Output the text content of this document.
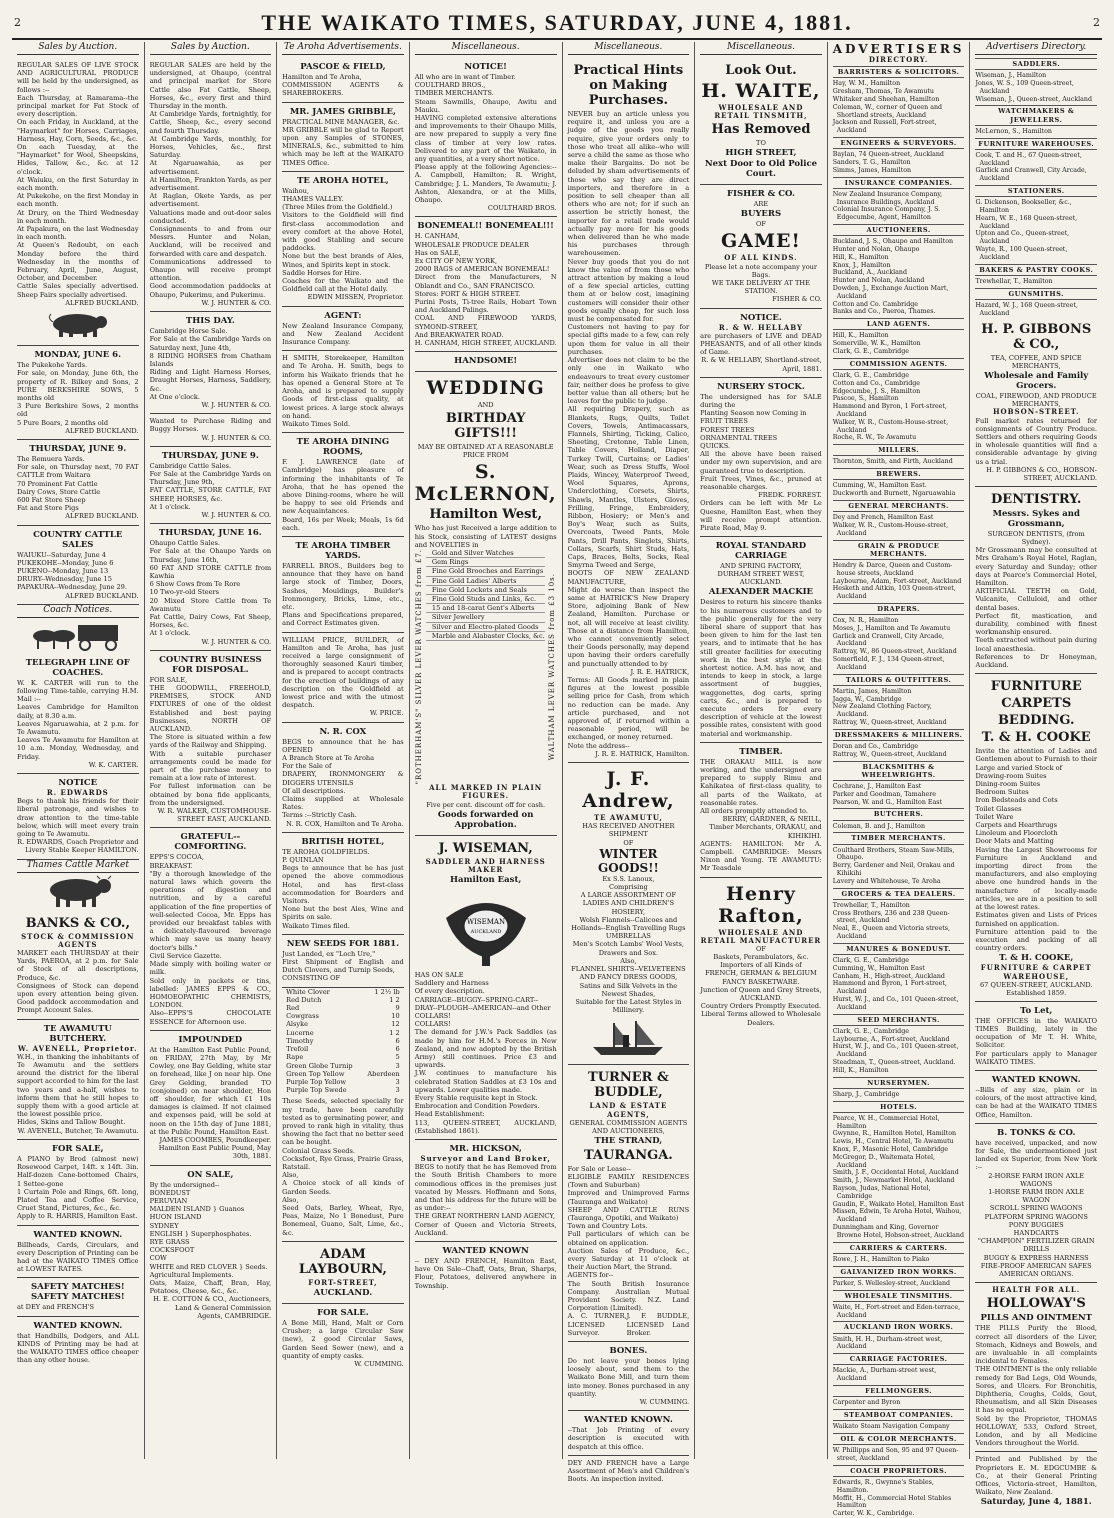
2	THE WAIKATO TIMES, SATURDAY, JUNE 4, 1881.	2
Sales by Auction.
REGULAR SALES OF LIVE STOCK AND AGRICULTURAL PRODUCE will be held by the undersigned, as follows :--
Each Thursday, at Ramarama--the principal market for Fat Stock of every description.
On each Friday, in Auckland, at the "Haymarket" for Horses, Carriages, Harness, Hay, Corn, Seeds, &c., &c.
On each Tuesday, at the "Haymarket" for Wool, Sheepskins, Hides, Tallow, &c., &c. at 12 o'clock.
At Waiuku, on the first Saturday in each month.
At Pukekohe, on the first Monday in each month.
At Drury, on the Third Wednesday in each month.
At Papakura, on the last Wednesday in each month.
At Queen's Redoubt, on each Monday before the third Wednesday in the months of February, April, June, August, October, and December.
Cattle Sales specially advertised. Sheep Fairs specially advertised.
ALFRED BUCKLAND.
MONDAY, JUNE 6.
The Pukekohe Yards.
For sale, on Monday, June 6th, the property of R. Bilkey and Sons, 2 PURE BERKSHIRE SOWS, 5 months old
3 Pure Berkshire Sows, 2 months old
5 Pure Boars, 2 months old
ALFRED BUCKLAND.
THURSDAY, JUNE 9.
The Remuera Yards.
For sale, on Thursday next, 70 FAT CATTLE from Waitara
70 Prominent Fat Cattle
Dairy Cows, Store Cattle
600 Fat Store Sheep
Fat and Store Pigs
ALFRED BUCKLAND.
COUNTRY CATTLE SALES
WAIUKU--Saturday, June 4
PUKEKOHE--Monday, June 6
PUKENO--Monday, June 13
DRURY--Wednesday, June 15
PAPAKURA--Wednesday, June 29.
ALFRED BUCKLAND.
Coach Notices.
TELEGRAPH LINE OF COACHES.
W. K. CARTER will run to the following Time-table, carrying H.M. Mail :--
Leaves Cambridge for Hamilton daily, at 8.30 a.m.
Leaves Ngaruawahia, at 2 p.m. for Te Awamutu.
Leaves Te Awamutu for Hamilton at 10 a.m. Monday, Wednesday, and Friday.
W. K. CARTER.
NOTICE
R. EDWARDS
Begs to thank his friends for their liberal patronage, and wishes to draw attention to the time-table below, which will meet every train going to Te Awamutu.
R. EDWARDS, Coach Proprietor and Livery Stable Keeper HAMILTON.
Thames Cattle Market
BANKS & CO.,
STOCK & COMMISSION AGENTS
MARKET each THURSDAY at their Yards, PAEROA, at 2 p.m. for Sale of Stock of all descriptions, Produce, &c.
Consignees of Stock can depend upon every attention being given. Good paddock accommodation and Prompt Account Sales.
TE AWAMUTU BUTCHERY.
W. AVENELL, Proprietor.
W.H., in thanking the inhabitants of Te Awamutu and the settlers around the district for the liberal support accorded to him for the last two years and a-half, wishes to inform them that he still hopes to supply them with a good article at the lowest possible price.
Hides, Skins and Tallow Bought.
W. AVENELL, Butcher, Te Awamutu.
FOR SALE,
A PIANO by Brod (almost new) Rosewood Carpet, 14ft. x 14ft. 3in. Half-dozen Cane-bottomed Chairs, 1 Settee-gone
1 Curtain Pole and Rings, 6ft. long, Plated Tea and Coffee Service, Cruet Stand, Pictures, &c., &c.
Apply to R. HARRIS, Hamilton East.
WANTED KNOWN.
Billheads, Cards, Circulars, and every Description of Printing can be had at the WAIKATO TIMES Office at LOWEST RATES.
SAFETY MATCHES! SAFETY MATCHES!
at DEY and FRENCH'S
WANTED KNOWN.
that Handbills, Dodgers, and ALL KINDS of Printing may be had at the WAIKATO TIMES office cheaper than any other house.
Sales by Auction.
REGULAR SALES are held by the undersigned, at Ohaupo, (central and principal market for Store Cattle also Fat Cattle, Sheep, Horses, &c., every first and third Thursday in the month.
At Cambridge Yards, fortnightly, for Cattle, Sheep, &c., every second and fourth Thursday.
At Cambridge Yards, monthly, for Horses, Vehicles, &c., first Saturday.
At Ngaruawahia, as per advertisement.
At Hamilton, Frankton Yards, as per advertisement.
At Raglan, Okete Yards, as per advertisement.
Valuations made and out-door sales conducted.
Consignments to and from our Messrs. Hunter and Nolan, Auckland, will be received and forwarded with care and despatch.
Communications addressed to Ohaupo will receive prompt attention.
Good accommodation paddocks at Ohaupo, Pukerimu, and Pukerimu.
W. J. HUNTER & CO.
THIS DAY.
Cambridge Horse Sale.
For Sale at the Cambridge Yards on Saturday next, June 4th,
8 RIDING HORSES from Chatham Islands
Riding and Light Harness Horses, Draught Horses, Harness, Saddlery, &c.
At One o'clock.
W. J. HUNTER & CO.
Wanted to Purchase Riding and Buggy Horses.
W. J. HUNTER & CO.
THURSDAY, JUNE 9.
Cambridge Cattle Sales.
For Sale at the Cambridge Yards on Thursday, June 9th,
FAT CATTLE, STORE CATTLE, FAT SHEEP, HORSES, &c.
At 1 o'clock.
W. J. HUNTER & CO.
THURSDAY, JUNE 16.
Ohaupo Cattle Sales.
For Sale at the Ohaupo Yards on Thursday, June 16th,
60 FAT AND STORE CATTLE from Kawhia
6 Show Cows from Te Rore
10 Two-yr-old Steers
20 Mixed Store Cattle from Te Awamutu
Fat Cattle, Dairy Cows, Fat Sheep, Horses, &c.
At 1 o'clock.
W. J. HUNTER & CO.
COUNTRY BUSINESS FOR DISPOSAL.
FOR SALE,
THE GOODWILL, FREEHOLD, PREMISES, STOCK AND FIXTURES of one of the oldest Established and best paying Businesses, NORTH OF AUCKLAND.
The Store is situated within a few yards of the Railway and Shipping.
With a suitable purchaser arrangements could be made for part of the purchase money to remain at a low rate of interest.
For fullest information can be obtained by bona fide applicants, from the undersigned.
W. R. WALKER, CUSTOMHOUSE-STREET EAST, AUCKLAND.
GRATEFUL--COMFORTING.
EPPS'S COCOA,
BREAKFAST.
"By a thorough knowledge of the natural laws which govern the operations of digestion and nutrition, and by a careful application of the fine properties of well-selected Cocoa, Mr. Epps has provided our breakfast tables with a delicately-flavoured beverage which may save us many heavy doctor's bills."
Civil Service Gazette.
Made simply with boiling water or milk.
Sold only in packets or tins, labelled: JAMES EPPS & CO., HOMOEOPATHIC CHEMISTS, LONDON.
Also--EPPS'S CHOCOLATE ESSENCE for Afternoon use.
IMPOUNDED
At the Hamilton East Public Pound, on FRIDAY, 27th May, by Mr Cowley, one Bay Gelding, white star on forehead, like J on near hip. One Grey Gelding, branded TO (conjoined) on near shoulder, Hon off shoulder, for which £1 10s damages is claimed. If not claimed and expenses paid, will be sold at noon on the 15th day of June 1881, at the Public Pound, Hamilton East.
JAMES COOMBES, Poundkeeper. Hamilton East Public Pound, May 30th, 1881.
ON SALE,
By the undersigned--
BONEDUST
PERUVIAN
MALDEN ISLAND } Guanos
HUON ISLAND
SYDNEY
ENGLISH } Superphosphates.
RYE GRASS
COCKSFOOT
COW
WHITE and RED CLOVER } Seeds.
Agricultural Implements.
Oats, Maize, Chaff, Bran, Hay, Potatoes, Cheese, &c., &c.
H. E. COTTON & CO., Auctioneers, Land & General Commission Agents, CAMBRIDGE.
Te Aroha Advertisements.
PASCOE & FIELD,
Hamilton and Te Aroha,
COMMISSION AGENTS & SHAREBROKERS.
MR. JAMES GRIBBLE,
PRACTICAL MINE MANAGER, &c.
MR GRIBBLE will be glad to Report upon any Samples of STONES, MINERALS, &c., submitted to him which may be left at the WAIKATO TIMES Office.
TE AROHA HOTEL,
Waihou,
THAMES VALLEY.
(Three Miles from the Goldfield.)
Visitors to the Goldfield will find first-class accommodation and every comfort at the above Hotel, with good Stabling and secure paddocks.
None but the best brands of Ales, Wines, and Spirits kept in stock.
Saddle Horses for Hire.
Coaches for the Waikato and the Goldfield call at the Hotel daily.
EDWIN MISSEN, Proprietor.
AGENT:
New Zealand Insurance Company, and New Zealand Accident Insurance Company.
H SMITH, Storekeeper, Hamilton and Te Aroha. H. Smith, begs to inform his Waikato friends that he has opened a General Store at Te Aroha, and is prepared to supply Goods of first-class quality, at lowest prices. A large stock always on hand.
Waikato Times Sold.
TE AROHA DINING ROOMS,
F. J. LAWRENCE (late of Cambridge) has pleasure of informing the inhabitants of Te Aroha, that he has opened the above Dining-rooms, where he will be happy to see old Friends and new Acquaintances.
Board, 16s per Week; Meals, 1s 6d each.
TE AROHA TIMBER YARDS.
FARRELL BROS., Builders beg to announce that they have on hand large stock of Timber, Doors, Sashes, Mouldings, Builder's Ironmongery, Bricks, Lime, etc., etc.
Plans and Specifications prepared, and Correct Estimates given.
WILLIAM PRICE, BUILDER, of Hamilton and Te Aroha, has just received a large consignment of thoroughly seasoned Kauri timber, and is prepared to accept contracts for the erection of buildings of any description on the Goldfield at lowest price and with the utmost despatch.
W. PRICE.
N. R. COX
BEGS to announce that he has OPENED
A Branch Store at Te Aroha
For the Sale of
DRAPERY, IRONMONGERY & DIGGERS UTENSILS
Of all descriptions.
Claims supplied at Wholesale Rates.
Terms :--Strictly Cash.
N. R. COX, Hamilton and Te Aroha.
BRITISH HOTEL,
TE AROHA GOLDFIELDS.
P. QUINLAN
Begs to announce that he has just opened the above commodious Hotel, and has first-class accommodation for Boarders and Visitors.
None but the best Ales, Wine and Spirits on sale.
Waikato Times filed.
NEW SEEDS FOR 1881.
Just Landed, ex "Loch Ure,"
First Shipment of English and Dutch Clovers, and Turnip Seeds,
CONSISTING OF
White Clover	1 2½ lb
Red Dutch	1 2
Red	9
Cowgrass	10
Alsyke	12
Lucerne	1 2
Timothy	6
Trefoil	6
Rape	5
Green Globe Turnip	3
Green Top Yellow	Aberdeen
Purple Top Yellow	3
Purple Top Swede	3
These Seeds, selected specially for my trade, have been carefully tested as to germinating power, and proved to rank high in vitality, thus showing the fact that no better seed can be bought.
Colonial Grass Seeds.
Cocksfoot, Rye Grass, Prairie Grass, Ratstail.
Also,
A Choice stock of all kinds of Garden Seeds.
Also,
Seed Oats, Barley, Wheat, Rye, Peas, Maize, No 1 Bonedust, Pure Bonemeal, Guano, Salt, Lime, &c., &c.
ADAM LAYBOURN,
FORT-STREET,
AUCKLAND.
FOR SALE.
A Bone Mill, Hand, Malt or Corn Crusher; a large Circular Saw (new), 2 good Circular Saws, Garden Seed Sower (new), and a quantity of empty casks.
W. CUMMING.
Miscellaneous.
NOTICE!
All who are in want of Timber.
COULTHARD BROS.,
TIMBER MERCHANTS.
Steam Sawmills, Ohaupo, Awitu and Mauku.
HAVING completed extensive alterations and improvements to their Ohaupo Mills, are now prepared to supply a very fine class of timber at very low rates. Delivered to any part of the Waikato, in any quantities, at a very short notice.
Please apply at the following Agencies:--A. Campbell, Hamilton; R. Wright, Cambridge; J. L. Manders, Te Awamutu; J. Ashton, Alexandra, or at the Mills, Ohaupo.
COULTHARD BROS.
BONEMEAL!! BONEMEAL!!!
H. CANHAM,
WHOLESALE PRODUCE DEALER
Has on SALE,
Ex CITY OF NEW YORK,
2000 BAGS of AMERICAN BONEMEAL!
Direct from the Manufacturers, N Oblandt and Co., SAN FRANCISCO.
Stores: FORT & HIGH STREET.
Purini Posts, Ti-tree Rails, Hobart Town and Auckland Palings.
COAL AND FIREWOOD YARDS, SYMOND-STREET,
And BREAKWATER ROAD.
H. CANHAM, HIGH STREET, AUCKLAND.
HANDSOME!
WEDDING
AND
BIRTHDAY GIFTS!!!
MAY BE OBTAINED AT A REASONABLE PRICE FROM
S. McLERNON,
Hamilton West,
Who has just Received a large addition to his Stock, consisting of LATEST designs and NOVELTIES in
"ROTHERHAM'S" SILVER LEVER WATCHES from £7.	Gold and Silver Watches
Gem Rings
Fine Gold Brooches and Earrings
Fine Gold Ladies' Alberts
Fine Gold Lockets and Seals
Fine Gold Studs and Links, &c.
15 and 18-carat Gent's Alberts
Silver Jewellery
Silver and Electro-plated Goods
Marble and Alabaster Clocks, &c. WALTHAM LEVER WATCHES from £3 10s.
ALL MARKED IN PLAIN FIGURES.
Five per cent. discount off for cash.
Goods forwarded on Approbation.
J. WISEMAN,
SADDLER AND HARNESS MAKER
Hamilton East,
WISEMAN
AUCKLAND
HAS ON SALE
Saddlery and Harness
Of every description.
CARRIAGE--BUGGY--SPRING-CART--DRAY--PLOUGH--AMERICAN--and Other
COLLARS!
COLLARS!
The demand for J.W.'s Pack Saddles (as made by him for H.M.'s Forces in New Zealand, and now adopted by the British Army) still continues. Price £3 and upwards.
J.W. continues to manufacture his celebrated Station Saddles at £3 10s and upwards. Lower qualities made.
Every Stable requisite kept in Stock.
Embrocation and Condition Powders.
Head Establishment:
113, QUEEN-STREET, AUCKLAND, (Established 1861).
MR. HICKSON,
Surveyor and Land Broker,
BEGS to notify that he has Removed from the South British Chambers to more commodious offices in the premises just vacated by Messrs. Hoffmann and Sons, and that his address for the future will be as under:--
THE GREAT NORTHERN LAND AGENCY,
Corner of Queen and Victoria Streets, Auckland.
WANTED KNOWN
-- DEY AND FRENCH, Hamilton East, have On Sale--Chaff, Oats, Bran, Sharps, Flour, Potatoes, delivered anywhere in Township.
Miscellaneous.
Practical Hints on Making Purchases.
NEVER buy an article unless you require it, and unless you are a judge of the goods you really require, give your orders only to those who treat all alike--who will serve a child the same as those who make their Bargains. Do not be deluded by sham advertisements of those who say they are direct importers, and therefore in a position to sell cheaper than all others who are not; for if such an assertion be strictly honest, the importer for a retail trade would actually pay more for his goods when delivered than he who made his purchases through warehousemen.
Never buy goods that you do not know the value of from those who attract attention by making a loud of a few special articles, cutting them at or below cost, imagining customers will consider their other goods equally cheap, for such loss must be compensated for.
Customers not having to pay for special gifts made to a few, can rely upon them for value in all their purchases.
Advertiser does not claim to be the only one in Waikato who endeavours to treat every customer fair, neither does he profess to give better value than all others; but he leaves for the public to judge.
All requiring Drapery, such as Blankets, Rugs, Quilts, Toilet Covers, Towels, Antimacassars, Flannels, Shirting, Ticking, Calico, Sheeting, Cretonne, Table Linen, Table Covers, Holland, Diaper, Turkey Twill, Curtains; or Ladies' Wear, such as Dress Stuffs, Wool Plaids, Wincey, Waterproof Tweed, Wool Squares, Aprons, Underclothing, Corsets, Shirts, Shawls, Mantles, Ulsters, Gloves, Frilling, Fringe, Embroidery, Ribbon, Hosiery; or Men's and Boy's Wear, such as Suits, Overcoats, Tweed Pants, Mole Pants, Drill Pants, Singlets, Shirts, Collars, Scarfs, Shirt Studs, Hats, Caps, Braces, Belts, Socks, Real Smyrna Tweed and Serge,
BOOTS OF NEW ZEALAND MANUFACTURE,
Might do worse than inspect the same at HATRICK'S New Drapery Store, adjoining Bank of New Zealand, Hamilton. Purchase or not, all will receive at least civility. Those at a distance from Hamilton, who cannot conveniently select their Goods personally, may depend upon having their orders carefully and punctually attended to by
J. R. E. HATRICK,
Terms: All Goods marked in plain figures at the lowest possible selling price for Cash, from which no reduction can be made. Any article purchased, and not approved of, if returned within a reasonable period, will be exchanged, or money returned.
Note the address--
J. R. E. HATRICK, Hamilton.
J. F. Andrew,
TE AWAMUTU,
HAS RECEIVED ANOTHER
SHIPMENT
OF
WINTER GOODS!!
Ex S.S. Lanoux,
Comprising
A LARGE ASSORTMENT OF LADIES AND CHILDREN'S HOSIERY,
Wolsh Flannels--Calicoes and Hollands--English Travelling Rugs
UMBRELLAS
Men's Scotch Lambs' Wool Vests, Drawers and Sox.
Also,
FLANNEL SHIRTS--VELVETEENS AND FANCY DRESS GOODS,
Satins and Silk Velvets in the Newest Shades,
Suitable for the Latest Styles in Millinery.
TURNER & BUDDLE,
LAND & ESTATE AGENTS,
GENERAL COMMISSION AGENTS AND AUCTIONEERS,
THE STRAND,
TAURANGA.
For Sale or Lease--
ELIGIBLE FAMILY RESIDENCES (Town and Suburban)
Improved and Unimproved Farms (Tauranga and Waikato)
SHEEP AND CATTLE RUNS (Tauranga, Opotiki, and Waikato)
Town and Country Lots.
Full particulars of which can be obtained on application.
Auction Sales of Produce, &c., every Saturday at 11 o'clock at their Auction Mart, the Strand.
AGENTS for--
The South British Insurance Company. Australian Mutual Provident Society. N.Z. Land Corporation (Limited).
A. C. TURNER, LICENSED Surveyor.
J. F. BUDDLE, LICENSED Land Broker.
BONES.
Do not leave your bones lying loosely about, send them to the Waikato Bone Mill, and turn them into money. Bones purchased in any quantity.
W. CUMMING.
WANTED KNOWN.
--That Job Printing of every description is executed with despatch at this office.
DEY AND FRENCH have a Large Assortment of Men's and Children's Boots. An inspection invited.
Miscellaneous.
Look Out.
H. WAITE,
WHOLESALE AND RETAIL TINSMITH,
Has Removed
TO
HIGH STREET,
Next Door to Old Police Court.
FISHER & CO.
ARE
BUYERS
OF
GAME!
OF ALL KINDS.
Please let a note accompany your Bags.
WE TAKE DELIVERY AT THE STATION.
FISHER & CO.
NOTICE.
R. & W. HELLABY
are purchasers of LIVE and DEAD PHEASANTS, and of all other kinds of Game.
R. & W. HELLABY, Shortland-street, April, 1881.
NURSERY STOCK.
The undersigned has for SALE during the
Planting Season now Coming in
FRUIT TREES
FOREST TREES
ORNAMENTAL TREES
QUICKS.
All the above have been raised under my own supervision, and are guaranteed true to description.
Fruit Trees, Vines, &c., pruned at reasonable charges.
FREDK. FORREST.
Orders can be left with Mr Le Quesne, Hamilton East, when they will receive prompt attention. Pirate Road, May 9.
ROYAL STANDARD CARRIAGE
AND SPRING FACTORY,
DURHAM STREET WEST, AUCKLAND.
ALEXANDER MACKIE
Desires to return his sincere thanks to his numerous customers and to the public generally for the very liberal share of support that has been given to him for the last ten years, and to intimate that he has still greater facilities for executing work in the best style at the shortest notice. A.M. has now, and intends to keep in stock, a large assortment of buggies, waggonettes, dog carts, spring carts, &c., and is prepared to execute orders for every description of vehicle at the lowest possible rates, consistent with good material and workmanship.
TIMBER.
THE ORAKAU MILL is now working, and the undersigned are prepared to supply Rimu and Kahikatea of first-class quality, to all parts of the Waikato, at reasonable rates.
All orders promptly attended to.
BERRY, GARDNER, & NEILL, Timber Merchants, ORAKAU, and KIHIKIHI.
AGENTS: HAMILTON: Mr A. Campbell. CAMBRIDGE: Messrs Nixon and Young. TE AWAMUTU: Mr Teasdale
Henry Rafton,
WHOLESALE AND RETAIL MANUFACTURER
OF
Baskets, Perambulators, &c.
Importers of all Kinds of
FRENCH, GERMAN & BELGIUM FANCY BASKETWARE.
Junction of Queen and Grey Streets, AUCKLAND.
Country Orders Promptly Executed.
Liberal Terms allowed to Wholesale Dealers.
ADVERTISERS
DIRECTORY.
BARRISTERS & SOLICITORS.
Hay, W. M., Hamilton
Gresham, Thomas, Te Awamutu
Whitaker and Sheehan, Hamilton
Coleman, W., corner of Queen and Shortland streets, Auckland
Jackson and Russell, Fort-street, Auckland
ENGINEERS & SURVEYORS.
Baylan, 74 Queen-street, Auckland
Sanders, T. G., Hamilton
Simms, James, Hamilton
INSURANCE COMPANIES.
New Zealand Insurance Company, Insurance Buildings, Auckland
Colonial Insurance Company, J. S. Edgecumbe, Agent, Hamilton
AUCTIONEERS.
Buckland, J. S., Ohaupo and Hamilton
Hunter and Nolan, Ohaupo
Hill, K., Hamilton
Knox, J., Hamilton
Buckland, A., Auckland
Hunter and Nolan, Auckland
Dowden, J., Exchange Auction Mart, Auckland
Cotton and Co. Cambridge
Banks and Co., Paeroa, Thames.
LAND AGENTS.
Hill, K., Hamilton
Somerville, W. K., Hamilton
Clark, G. E., Cambridge
COMMISSION AGENTS.
Clark, G. E., Cambridge
Cotton and Co., Cambridge
Edgecumbe, J. S., Hamilton
Pascoe, S., Hamilton
Hammond and Byron, 1 Fort-street, Auckland
Walker, W. R., Custom-House-street, Auckland
Roche, R. W., Te Awamutu
MILLERS.
Thornton, Smith, and Firth, Auckland
BREWERS.
Cumming, W., Hamilton East.
Duckworth and Burnett, Ngaruawahia
GENERAL MERCHANTS.
Dey and French, Hamilton East
Walker, W. R., Custom-House-street, Auckland
GRAIN & PRODUCE MERCHANTS.
Hendry & Darce, Queen and Custom-house streets, Auckland
Laybourne, Adam, Fort-street, Auckland
Hesketh and Aitkin, 103 Queen-street, Auckland
DRAPERS.
Cox, N. R., Hamilton
Moses, J., Hamilton and Te Awamutu
Garlick and Cranwell, City Arcade, Auckland
Rattray, W., 86 Queen-street, Auckland
Somerfield, F. J., 134 Queen-street, Auckland
TAILORS & OUTFITTERS.
Martin, James, Hamilton
Jagga, W., Cambridge
New Zealand Clothing Factory, Auckland.
Rattray, W., Queen-street, Auckland
DRESSMAKERS & MILLINERS.
Doran and Co., Cambridge
Rattray, W., Queen-street, Auckland
BLACKSMITHS & WHEELWRIGHTS.
Cochrane, J., Hamilton East
Parker and Goodman, Tamahere
Pearson, W. and G., Hamilton East
BUTCHERS.
Coleman, B. and J., Hamilton
TIMBER MERCHANTS.
Coulthard Brothers, Steam Saw-Mills, Ohaupo.
Berry, Gardener and Neil, Orakau and Kihikihi
Lavery and Whitehouse, Te Aroha
GROCERS & TEA DEALERS.
Trewhellar, T., Hamilton
Cross Brothers, 236 and 238 Queen-street, Auckland
Neal, E., Queen and Victoria streets, Auckland
MANURES & BONEDUST.
Clark, G. E., Cambridge
Cumming, W., Hamilton East
Canham, H., High-street, Auckland
Hammond and Byron, 1 Fort-street, Auckland
Hurst, W. J., and Co., 101 Queen-street, Auckland
SEED MERCHANTS.
Clark, G. E., Cambridge
Laybourne, A., Fort-street, Auckland
Hurst, W. J., and Co., 101 Queen-street, Auckland
Steadman, T., Queen-street, Auckland.
Hill, K., Hamilton
NURSERYMEN.
Sharp, J., Cambridge
HOTELS.
Pearce, W. H., Commercial Hotel, Hamilton
Gwynne, R., Hamilton Hotel, Hamilton
Lewis, H., Central Hotel, Te Awamutu
Knox, F., Masonic Hotel, Cambridge
McGregor, D., Waitemata Hotel, Auckland
Smith, J. F., Occidental Hotel, Auckland
Smith, J., Newmarket Hotel, Auckland
Rayson, Judas, National Hotel, Cambridge
Gaudin, F., Waikato Hotel, Hamilton East
Missen, Edwin, Te Aroha Hotel, Waihou, Auckland
Dunningham and King, Governor Browne Hotel, Hobson-street, Auckland
CARRIERS & CARTERS.
Rowe, J. H., Hamilton to Piako
GALVANIZED IRON WORKS.
Parker, S. Wellesley-street, Auckland
WHOLESALE TINSMITHS.
Waite, H., Fort-street and Eden-terrace, Auckland
AUCKLAND IRON WORKS.
Smith, H. H., Durham-street west, Auckland
CARRIAGE FACTORIES.
Mackie, A., Durham-street west, Auckland
FELLMONGERS.
Carpenter and Byron
STEAMBOAT COMPANIES.
Waikato Steam Navigation Company
OIL & COLOR MERCHANTS.
W. Phillipps and Son, 95 and 97 Queen-street, Auckland
COACH PROPRIETORS.
Edwards, R., Gwynne's Stables, Hamilton.
Moffit, H., Commercial Hotel Stables Hamilton
Carter, W. K., Cambridge.
Advertisers Directory.
SADDLERS.
Wiseman, J., Hamilton
Jones, W. S., 109 Queen-street, Auckland
Wiseman, J., Queen-street, Auckland
WATCHMAKERS & JEWELLERS.
McLernon, S., Hamilton
FURNITURE WAREHOUSES.
Cook, T. and H., 67 Queen-street, Auckland
Garlick and Cranwell, City Arcade, Auckland
STATIONERS.
G. Dickenson, Bookseller, &c., Hamilton
Hearn, W. E., 168 Queen-street, Auckland
Upton and Co., Queen-street, Auckland
Wayte, R., 100 Queen-street, Auckland
BAKERS & PASTRY COOKS.
Trewhellar, T., Hamilton
GUNSMITHS.
Hazard, W. J., 168 Queen-street, Auckland
H. P. GIBBONS & CO.,
TEA, COFFEE, AND SPICE MERCHANTS,
Wholesale and Family Grocers.
COAL, FIREWOOD, AND PRODUCE MERCHANTS,
HOBSON-STREET.
Full market rates returned for consignments of Country Produce. Settlers and others requiring Goods in wholesale quantities will find a considerable advantage by giving us a trial.
H. P. GIBBONS & CO., HOBSON-STREET, AUCKLAND.
DENTISTRY.
Messrs. Sykes and Grossmann,
SURGEON DENTISTS, (from Sydney).
Mr Grossmann may be consulted at Mrs Graham's Royal Hotel, Raglan, every Saturday and Sunday; other days at Pearce's Commercial Hotel, Hamilton.
ARTIFICIAL TEETH on Gold, Vulcanite, Celluloid, and other dental bases.
Perfect fit, mastication, and durability, combined with finest workmanship ensured.
Teeth extracted without pain during local anaesthesia.
References to Dr Honeyman, Auckland.
FURNITURE
CARPETS
BEDDING.
T. & H. COOKE
Invite the attention of Ladies and Gentlemen about to Furnish to their Large and varied Stock of
Drawing-room Suites
Dining-room Suites
Bedroom Suites
Iron Bedsteads and Cots
Toilet Glasses
Toilet Ware
Carpets and Hearthrugs
Linoleum and Floorcloth
Door Mats and Matting
Having the Largest Showrooms for Furniture in Auckland and importing direct from the manufacturers, and also employing above one hundred hands in the manufacture of locally-made articles, we are in a position to sell at the lowest rates.
Estimates given and Lists of Prices furnished on application.
Furniture attention paid to the execution and packing of all country orders.
T. & H. COOKE,
FURNITURE & CARPET WAREHOUSE,
67 QUEEN-STREET, AUCKLAND.
Established 1859.
To Let,
THE OFFICES in the WAIKATO TIMES Building, lately in the occupation of Mr T. H. White, Solicitor.
For particulars apply to Manager WAIKATO TIMES.
WANTED KNOWN.
--Bills of any size, plain or in colours, of the most attractive kind, can be had at the WAIKATO TIMES Office, Hamilton.
B. TONKS & CO.
have received, unpacked, and now for Sale, the undermentioned just landed ex Superior, from New York :--
2-HORSE FARM IRON AXLE WAGONS
1-HORSE FARM IRON AXLE WAGON
SCROLL SPRING WAGONS
PLATFORM SPRING WAGONS
PONY BUGGIES
HANDCARTS
"CHAMPION" FERTILIZER GRAIN DRILLS
BUGGY & EXPRESS HARNESS
FIRE-PROOF AMERICAN SAFES
AMERICAN ORGANS.
HEALTH FOR ALL.
HOLLOWAY'S
PILLS AND OINTMENT
THE PILLS Purify the Blood, correct all disorders of the Liver, Stomach, Kidneys and Bowels, and are invaluable in all complaints incidental to Females.
THE OINTMENT is the only reliable remedy for Bad Legs, Old Wounds, Sores, and Ulcers. For Bronchitis, Diphtheria, Coughs, Colds, Gout, Rheumatism, and all Skin Diseases it has no equal.
Sold by the Proprietor, THOMAS HOLLOWAY, 533, Oxford Street, London, and by all Medicine Vendors throughout the World.
Printed and Published by the Proprietors E. M. EDGCUMBE & Co., at their General Printing Offices, Victoria-street, Hamilton, Waikato, New Zealand.
Saturday, June 4, 1881.
